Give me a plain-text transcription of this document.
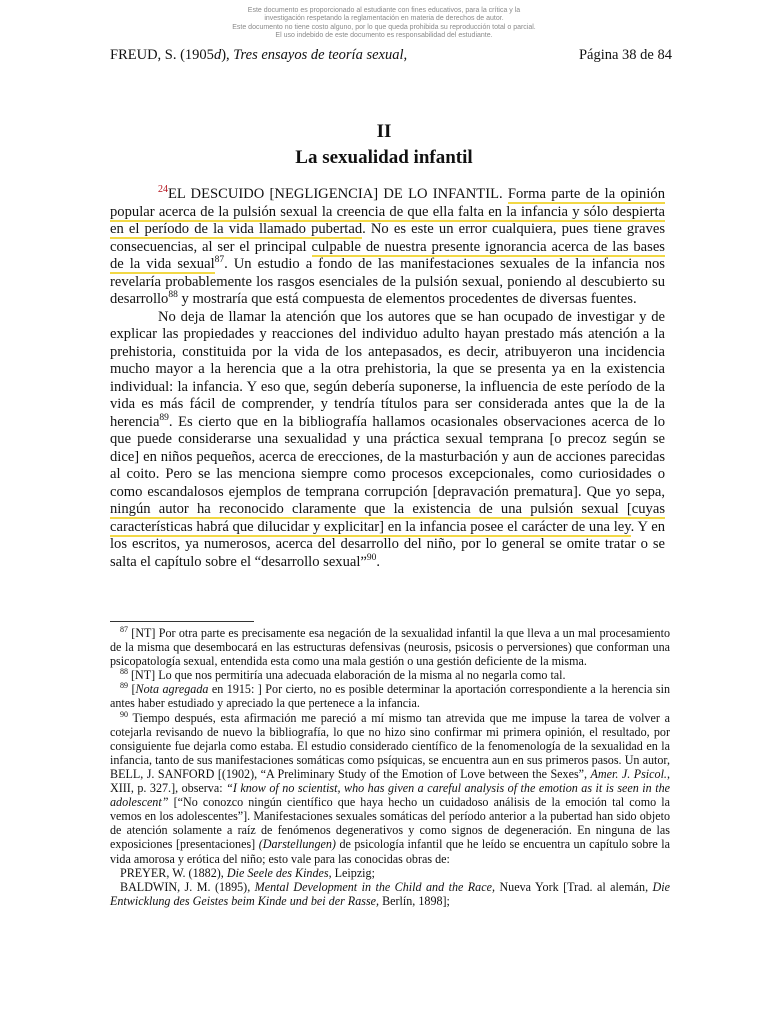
Este documento es proporcionado al estudiante con fines educativos, para la crítica y la
investigación respetando la reglamentación en materia de derechos de autor.
Este documento no tiene costo alguno, por lo que queda prohibida su reproducción total o parcial.
El uso indebido de este documento es responsabilidad del estudiante.
FREUD, S. (1905d), Tres ensayos de teoría sexual,	Página 38 de 84
II
La sexualidad infantil

$^{24}$EL DESCUIDO [NEGLIGENCIA] DE LO INFANTIL. Forma parte de la opinión popular acerca de la pulsión sexual la creencia de que ella falta en la infancia y sólo despierta en el período de la vida llamado pubertad. No es este un error cualquiera, pues tiene graves consecuencias, al ser el principal culpable de nuestra presente ignorancia acerca de las bases de la vida sexual$^{87}$. Un estudio a fondo de las manifestaciones sexuales de la infancia nos revelaría probablemente los rasgos esenciales de la pulsión sexual, poniendo al descubierto su desarrollo$^{88}$ y mostraría que está compuesta de elementos procedentes de diversas fuentes.

No deja de llamar la atención que los autores que se han ocupado de investigar y de explicar las propiedades y reacciones del individuo adulto hayan prestado más atención a la prehistoria, constituida por la vida de los antepasados, es decir, atribuyeron una incidencia mucho mayor a la herencia que a la otra prehistoria, la que se presenta ya en la existencia individual: la infancia. Y eso que, según debería suponerse, la influencia de este período de la vida es más fácil de comprender, y tendría títulos para ser considerada antes que la de la herencia$^{89}$. Es cierto que en la bibliografía hallamos ocasionales observaciones acerca de lo que puede considerarse una sexualidad y una práctica sexual temprana [o precoz según se dice] en niños pequeños, acerca de erecciones, de la masturbación y aun de acciones parecidas al coito. Pero se las menciona siempre como procesos excepcionales, como curiosidades o como escandalosos ejemplos de temprana corrupción [depravación prematura]. Que yo sepa, ningún autor ha reconocido claramente que la existencia de una pulsión sexual [cuyas características habrá que dilucidar y explicitar] en la infancia posee el carácter de una ley. Y en los escritos, ya numerosos, acerca del desarrollo del niño, por lo general se omite tratar o se salta el capítulo sobre el “desarrollo sexual”$^{90}$.

$^{87}$ [NT] Por otra parte es precisamente esa negación de la sexualidad infantil la que lleva a un mal procesamiento de la misma que desembocará en las estructuras defensivas (neurosis, psicosis o perversiones) que conforman una psicopatología sexual, entendida esta como una mala gestión o una gestión deficiente de la misma.

$^{88}$ [NT] Lo que nos permitiría una adecuada elaboración de la misma al no negarla como tal.

$^{89}$ [Nota agregada en 1915: ] Por cierto, no es posible determinar la aportación correspondiente a la herencia sin antes haber estudiado y apreciado la que pertenece a la infancia.

$^{90}$ Tiempo después, esta afirmación me pareció a mí mismo tan atrevida que me impuse la tarea de volver a cotejarla revisando de nuevo la bibliografía, lo que no hizo sino confirmar mi primera opinión, el resultado, por consiguiente fue dejarla como estaba. El estudio considerado científico de la fenomenología de la sexualidad en la infancia, tanto de sus manifestaciones somáticas como psíquicas, se encuentra aun en sus primeros pasos. Un autor, BELL, J. SANFORD [(1902), “A Preliminary Study of the Emotion of Love between the Sexes”, Amer. J. Psicol., XIII, p. 327.], observa: “I know of no scientist, who has given a careful analysis of the emotion as it is seen in the adolescent” [“No conozco ningún científico que haya hecho un cuidadoso análisis de la emoción tal como la vemos en los adolescentes”]. Manifestaciones sexuales somáticas del período anterior a la pubertad han sido objeto de atención solamente a raíz de fenómenos degenerativos y como signos de degeneración. En ninguna de las exposiciones [presentaciones] (Darstellungen) de psicología infantil que he leído se encuentra un capítulo sobre la vida amorosa y erótica del niño; esto vale para las conocidas obras de:

PREYER, W. (1882), Die Seele des Kindes, Leipzig;

BALDWIN, J. M. (1895), Mental Development in the Child and the Race, Nueva York [Trad. al alemán, Die Entwicklung des Geistes beim Kinde und bei der Rasse, Berlín, 1898];
